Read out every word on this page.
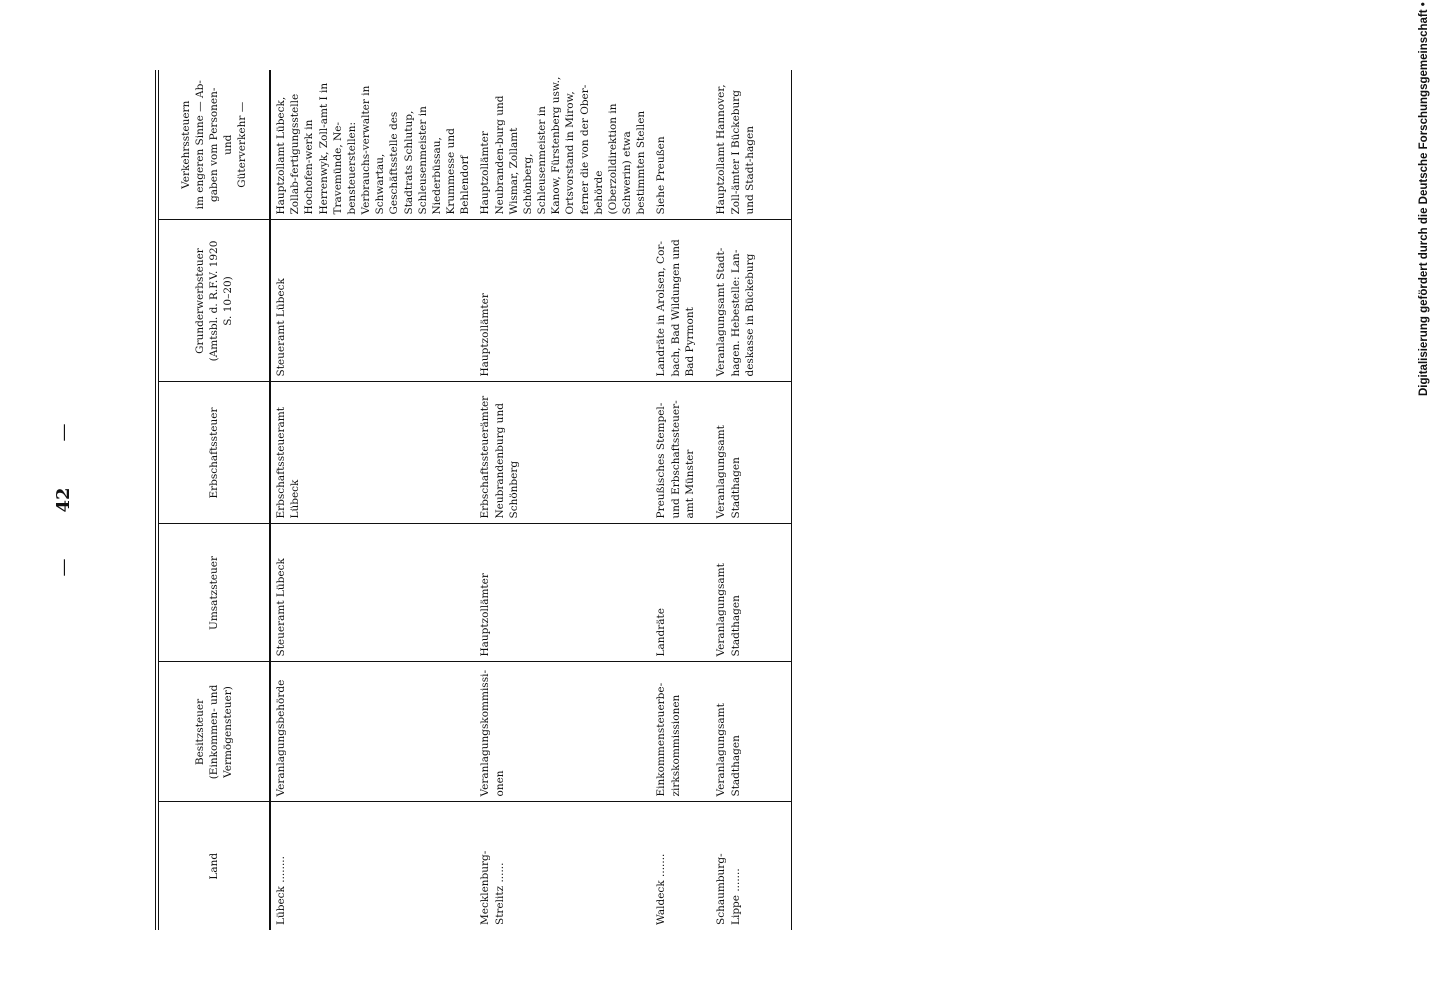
—
42
—
Land	Besitzsteuer (Einkommen- und Vermögensteuer)	Umsatzsteuer	Erbschaftssteuer	Grunderwerbsteuer (Amtsbl. d. R.F.V. 1920 S. 10–20)	Verkehrssteuern im engeren Sinne — Ab- gaben vom Personen- und Güterverkehr —

Lübeck ........	Veranlagungsbehörde	Steueramt Lübeck	Erbschaftssteueramt Lübeck	Steueramt Lübeck	Hauptzollamt Lübeck, Zollab-fertigungsstelle Hochofen-werk in Herrenwyk, Zoll-amt I in Travemünde, Ne-bensteuerstellen: Verbrauchs-verwalter in Schwartau, Geschäftsstelle des Stadtrats Schlutup, Schleusenmeister in Niederbüssau, Krummesse und Behlendorf

Mecklenburg- Strelitz ......	Veranlagungskommissi-onen	Hauptzollämter	Erbschaftssteuerämter Neubrandenburg und Schönberg	Hauptzollämter	Hauptzollämter Neubranden-burg und Wismar, Zollamt Schönberg, Schleusenmeister in Kanow, Fürstenberg usw., Ortsvorstand in Mirow, ferner die von der Ober-behörde (Oberzolldirektion in Schwerin) etwa bestimmten Stellen

Waldeck .......	Einkommensteuerbe-zirkskommissionen	Landräte	Preußisches Stempel- und Erbschaftssteuer-amt Münster	Landräte in Arolsen, Cor-bach, Bad Wildungen und Bad Pyrmont	Siehe Preußen

Schaumburg- Lippe .......	Veranlagungsamt Stadthagen	Veranlagungsamt Stadthagen	Veranlagungsamt Stadthagen	Veranlagungsamt Stadt-hagen. Hebestelle: Lan-deskasse in Bückeburg	Hauptzollamt Hannover, Zoll-ämter I Bückeburg und Stadt-hagen	Digitalisierung gefördert durch die Deutsche Forschungsgemeinschaft •
